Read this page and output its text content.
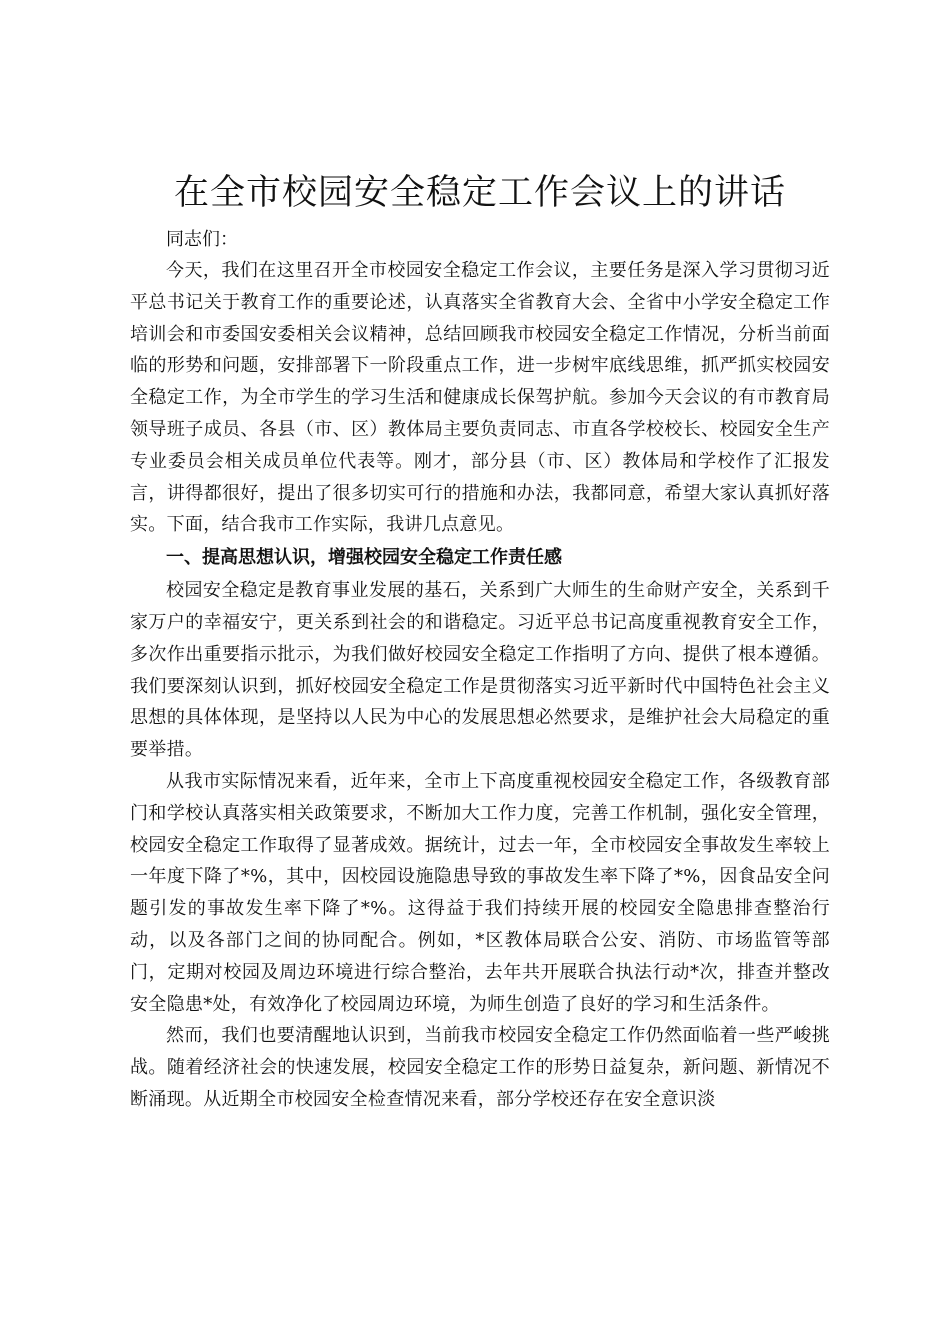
在全市校园安全稳定工作会议上的讲话

同志们：

今天，我们在这里召开全市校园安全稳定工作会议，主要任务是深入学习贯彻习近平总书记关于教育工作的重要论述，认真落实全省教育大会、全省中小学安全稳定工作培训会和市委国安委相关会议精神，总结回顾我市校园安全稳定工作情况，分析当前面临的形势和问题，安排部署下一阶段重点工作，进一步树牢底线思维，抓严抓实校园安全稳定工作，为全市学生的学习生活和健康成长保驾护航。参加今天会议的有市教育局领导班子成员、各县（市、区）教体局主要负责同志、市直各学校校长、校园安全生产专业委员会相关成员单位代表等。刚才，部分县（市、区）教体局和学校作了汇报发言，讲得都很好，提出了很多切实可行的措施和办法，我都同意，希望大家认真抓好落实。下面，结合我市工作实际，我讲几点意见。

一、提高思想认识，增强校园安全稳定工作责任感

校园安全稳定是教育事业发展的基石，关系到广大师生的生命财产安全，关系到千家万户的幸福安宁，更关系到社会的和谐稳定。习近平总书记高度重视教育安全工作，多次作出重要指示批示，为我们做好校园安全稳定工作指明了方向、提供了根本遵循。我们要深刻认识到，抓好校园安全稳定工作是贯彻落实习近平新时代中国特色社会主义思想的具体体现，是坚持以人民为中心的发展思想必然要求，是维护社会大局稳定的重要举措。

从我市实际情况来看，近年来，全市上下高度重视校园安全稳定工作，各级教育部门和学校认真落实相关政策要求，不断加大工作力度，完善工作机制，强化安全管理，校园安全稳定工作取得了显著成效。据统计，过去一年，全市校园安全事故发生率较上一年度下降了*%，其中，因校园设施隐患导致的事故发生率下降了*%，因食品安全问题引发的事故发生率下降了*%。这得益于我们持续开展的校园安全隐患排查整治行动，以及各部门之间的协同配合。例如，*区教体局联合公安、消防、市场监管等部门，定期对校园及周边环境进行综合整治，去年共开展联合执法行动*次，排查并整改安全隐患*处，有效净化了校园周边环境，为师生创造了良好的学习和生活条件。

然而，我们也要清醒地认识到，当前我市校园安全稳定工作仍然面临着一些严峻挑战。随着经济社会的快速发展，校园安全稳定工作的形势日益复杂，新问题、新情况不断涌现。从近期全市校园安全检查情况来看，部分学校还存在安全意识淡
